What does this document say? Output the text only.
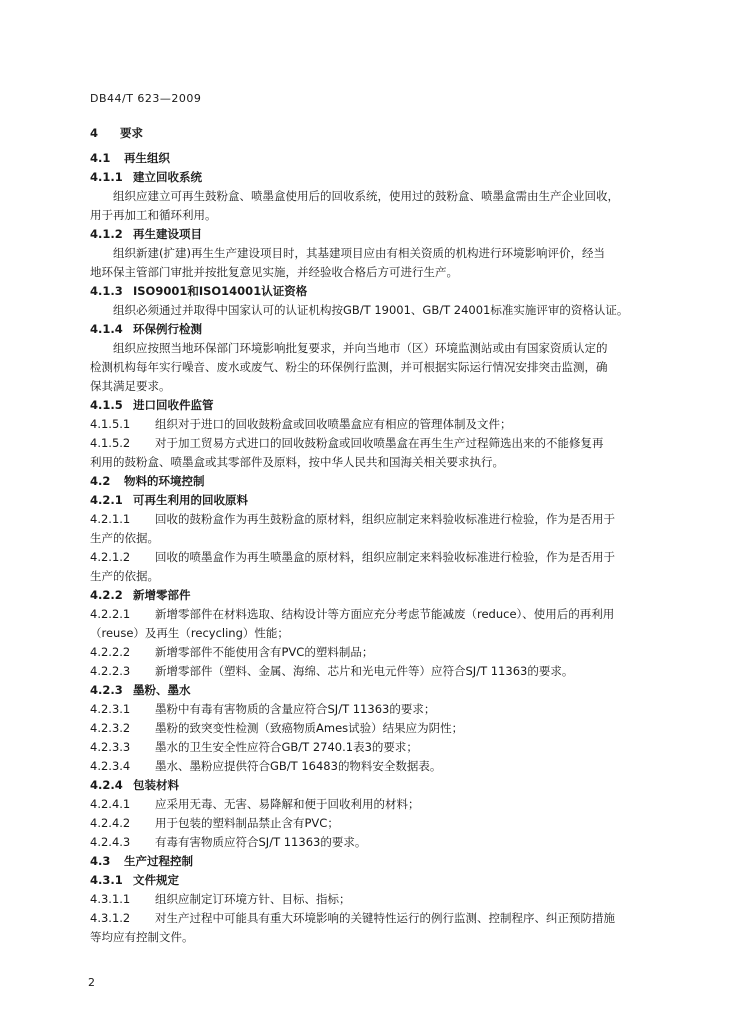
DB44/T 623—2009
4 要求
4.1 再生组织
4.1.1 建立回收系统
组织应建立可再生鼓粉盒、喷墨盒使用后的回收系统，使用过的鼓粉盒、喷墨盒需由生产企业回收，
用于再加工和循环利用。
4.1.2 再生建设项目
组织新建(扩建)再生生产建设项目时，其基建项目应由有相关资质的机构进行环境影响评价，经当
地环保主管部门审批并按批复意见实施，并经验收合格后方可进行生产。
4.1.3 ISO9001和ISO14001认证资格
组织必须通过并取得中国家认可的认证机构按GB/T 19001、GB/T 24001标准实施评审的资格认证。
4.1.4 环保例行检测
组织应按照当地环保部门环境影响批复要求，并向当地市（区）环境监测站或由有国家资质认定的
检测机构每年实行噪音、废水或废气、粉尘的环保例行监测，并可根据实际运行情况安排突击监测，确
保其满足要求。
4.1.5 进口回收件监管
4.1.5.1 组织对于进口的回收鼓粉盒或回收喷墨盒应有相应的管理体制及文件；
4.1.5.2 对于加工贸易方式进口的回收鼓粉盒或回收喷墨盒在再生生产过程筛选出来的不能修复再
利用的鼓粉盒、喷墨盒或其零部件及原料，按中华人民共和国海关相关要求执行。
4.2 物料的环境控制
4.2.1 可再生利用的回收原料
4.2.1.1 回收的鼓粉盒作为再生鼓粉盒的原材料，组织应制定来料验收标准进行检验，作为是否用于
生产的依据。
4.2.1.2 回收的喷墨盒作为再生喷墨盒的原材料，组织应制定来料验收标准进行检验，作为是否用于
生产的依据。
4.2.2 新增零部件
4.2.2.1 新增零部件在材料选取、结构设计等方面应充分考虑节能减废（reduce）、使用后的再利用
（reuse）及再生（recycling）性能；
4.2.2.2 新增零部件不能使用含有PVC的塑料制品；
4.2.2.3 新增零部件（塑料、金属、海绵、芯片和光电元件等）应符合SJ/T 11363的要求。
4.2.3 墨粉、墨水
4.2.3.1 墨粉中有毒有害物质的含量应符合SJ/T 11363的要求；
4.2.3.2 墨粉的致突变性检测（致癌物质Ames试验）结果应为阴性；
4.2.3.3 墨水的卫生安全性应符合GB/T 2740.1表3的要求；
4.2.3.4 墨水、墨粉应提供符合GB/T 16483的物料安全数据表。
4.2.4 包装材料
4.2.4.1 应采用无毒、无害、易降解和便于回收利用的材料；
4.2.4.2 用于包装的塑料制品禁止含有PVC；
4.2.4.3 有毒有害物质应符合SJ/T 11363的要求。
4.3 生产过程控制
4.3.1 文件规定
4.3.1.1 组织应制定订环境方针、目标、指标；
4.3.1.2 对生产过程中可能具有重大环境影响的关键特性运行的例行监测、控制程序、纠正预防措施
等均应有控制文件。
2
